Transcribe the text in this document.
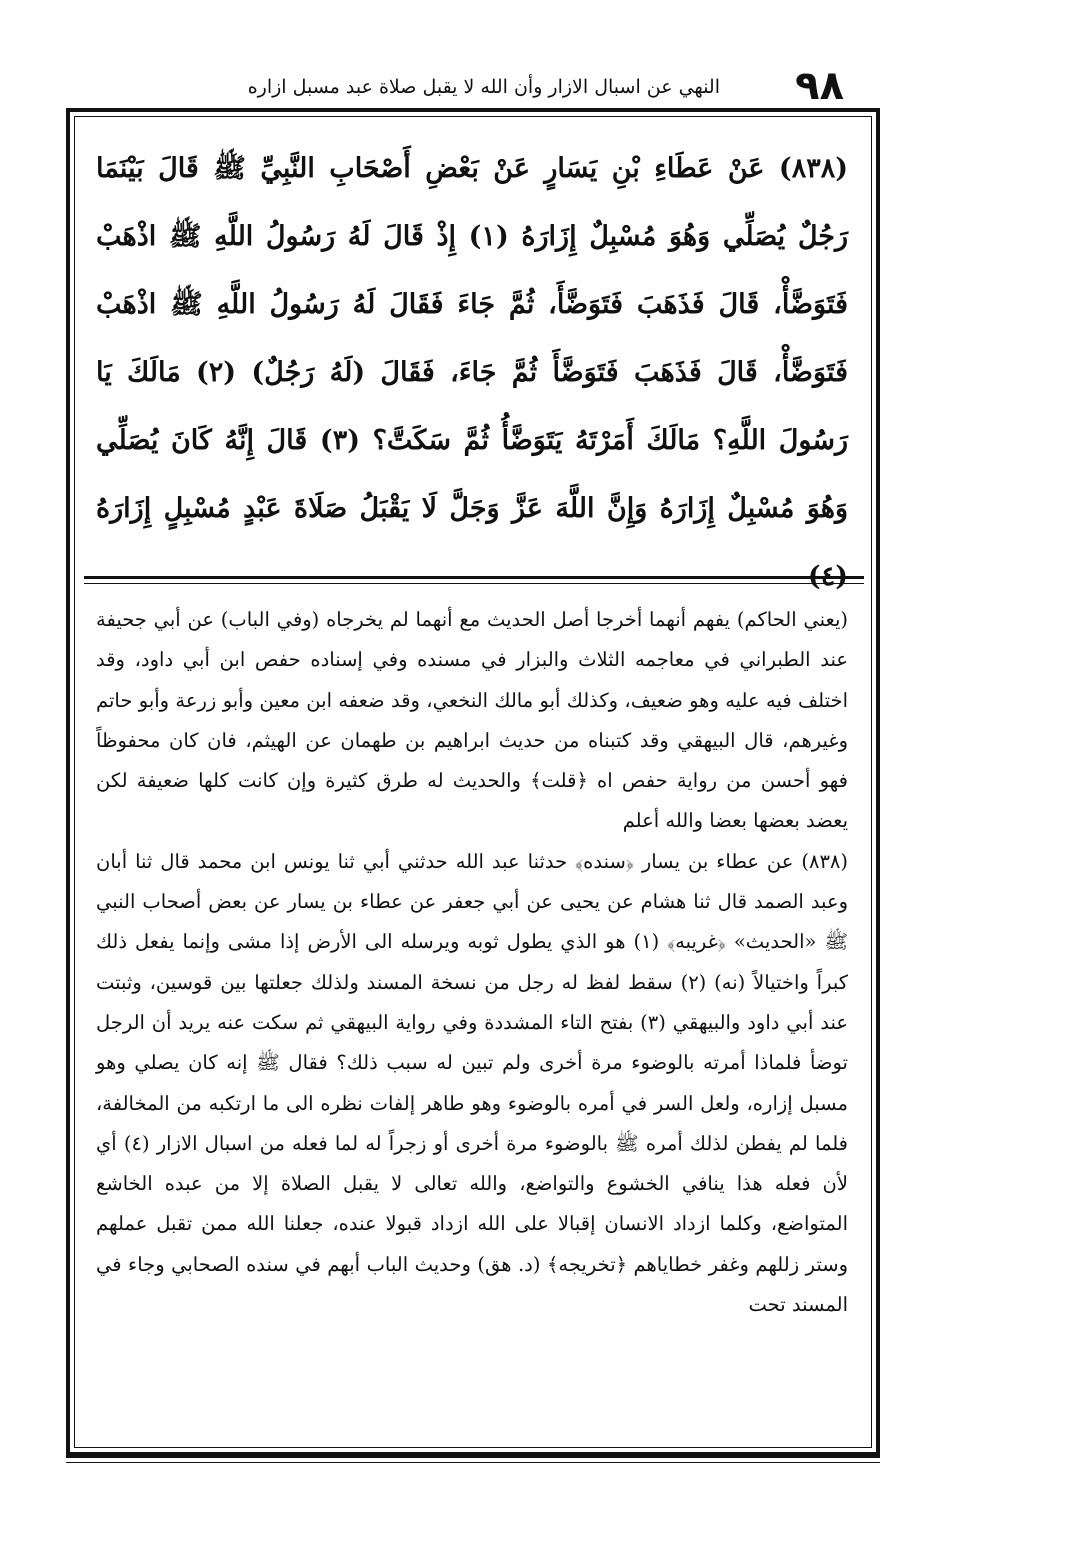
٩٨
النهي عن اسبال الازار وأن الله لا يقبل صلاة عبد مسبل ازاره
(٨٣٨) عَنْ عَطَاءِ بْنِ يَسَارٍ عَنْ بَعْضِ أَصْحَابِ النَّبِيِّ ﷺ قَالَ بَيْنَمَا رَجُلٌ يُصَلِّي وَهُوَ مُسْبِلٌ إِزَارَهُ (١) إِذْ قَالَ لَهُ رَسُولُ اللَّهِ ﷺ اذْهَبْ فَتَوَضَّأْ، قَالَ فَذَهَبَ فَتَوَضَّأَ، ثُمَّ جَاءَ فَقَالَ لَهُ رَسُولُ اللَّهِ ﷺ اذْهَبْ فَتَوَضَّأْ، قَالَ فَذَهَبَ فَتَوَضَّأَ ثُمَّ جَاءَ، فَقَالَ (لَهُ رَجُلٌ) (٢) مَالَكَ يَا رَسُولَ اللَّهِ؟ مَالَكَ أَمَرْتَهُ يَتَوَضَّأُ ثُمَّ سَكَتَّ؟ (٣) قَالَ إِنَّهُ كَانَ يُصَلِّي وَهُوَ مُسْبِلٌ إِزَارَهُ وَإِنَّ اللَّهَ عَزَّ وَجَلَّ لَا يَقْبَلُ صَلَاةَ عَبْدٍ مُسْبِلٍ إِزَارَهُ (٤)

(يعني الحاكم) يفهم أنهما أخرجا أصل الحديث مع أنهما لم يخرجاه (وفي الباب) عن أبي جحيفة عند الطبراني في معاجمه الثلاث والبزار في مسنده وفي إسناده حفص ابن أبي داود، وقد اختلف فيه عليه وهو ضعيف، وكذلك أبو مالك النخعي، وقد ضعفه ابن معين وأبو زرعة وأبو حاتم وغيرهم، قال البيهقي وقد كتبناه من حديث ابراهيم بن طهمان عن الهيثم، فان كان محفوظاً فهو أحسن من رواية حفص اه ﴿قلت﴾ والحديث له طرق كثيرة وإن كانت كلها ضعيفة لكن يعضد بعضها بعضا والله أعلم

(٨٣٨) عن عطاء بن يسار ﴿سنده﴾ حدثنا عبد الله حدثني أبي ثنا يونس ابن محمد قال ثنا أبان وعبد الصمد قال ثنا هشام عن يحيى عن أبي جعفر عن عطاء بن يسار عن بعض أصحاب النبي ﷺ «الحديث» ﴿غريبه﴾ (١) هو الذي يطول ثوبه ويرسله الى الأرض إذا مشى وإنما يفعل ذلك كبراً واختيالاً (نه) (٢) سقط لفظ له رجل من نسخة المسند ولذلك جعلتها بين قوسين، وثبتت عند أبي داود والبيهقي (٣) بفتح التاء المشددة وفي رواية البيهقي ثم سكت عنه يريد أن الرجل توضأ فلماذا أمرته بالوضوء مرة أخرى ولم تبين له سبب ذلك؟ فقال ﷺ إنه كان يصلي وهو مسبل إزاره، ولعل السر في أمره بالوضوء وهو طاهر إلفات نظره الى ما ارتكبه من المخالفة، فلما لم يفطن لذلك أمره ﷺ بالوضوء مرة أخرى أو زجراً له لما فعله من اسبال الازار (٤) أي لأن فعله هذا ينافي الخشوع والتواضع، والله تعالى لا يقبل الصلاة إلا من عبده الخاشع المتواضع، وكلما ازداد الانسان إقبالا على الله ازداد قبولا عنده، جعلنا الله ممن تقبل عملهم وستر زللهم وغفر خطاياهم ﴿تخريجه﴾ (د. هق) وحديث الباب أبهم في سنده الصحابي وجاء في المسند تحت
